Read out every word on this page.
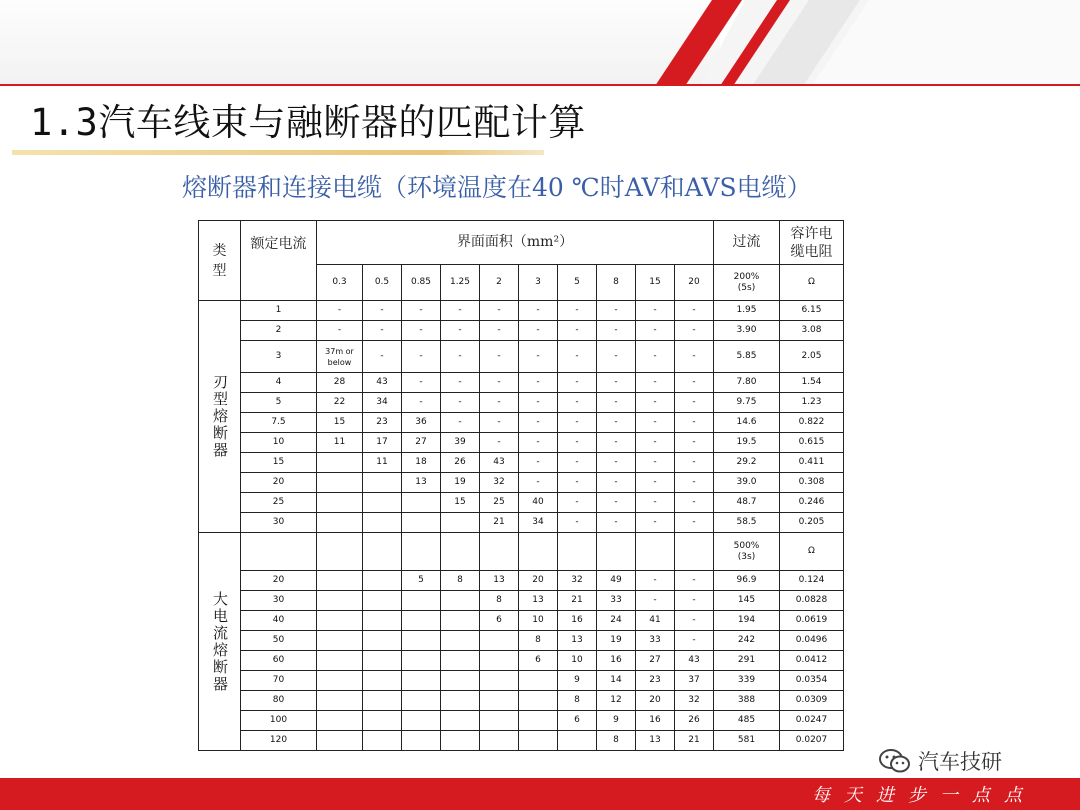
1.3汽车线束与融断器的匹配计算
熔断器和连接电缆（环境温度在40 ℃时AV和AVS电缆）
类型	额定电流	界面面积（mm²）										过流	容许电缆电阻
		0.3	0.5	0.85	1.25	2	3	5	8	15	20	200% (5s)	Ω
刃型熔断器	1	-	-	-	-	-	-	-	-	-	-	1.95	6.15
	2	-	-	-	-	-	-	-	-	-	-	3.90	3.08
	3	37m or below	-	-	-	-	-	-	-	-	-	5.85	2.05
	4	28	43	-	-	-	-	-	-	-	-	7.80	1.54
	5	22	34	-	-	-	-	-	-	-	-	9.75	1.23
	7.5	15	23	36	-	-	-	-	-	-	-	14.6	0.822
	10	11	17	27	39	-	-	-	-	-	-	19.5	0.615
	15		11	18	26	43	-	-	-	-	-	29.2	0.411
	20			13	19	32	-	-	-	-	-	39.0	0.308
	25				15	25	40	-	-	-	-	48.7	0.246
	30					21	34	-	-	-	-	58.5	0.205
大电流熔断器												500% (3s)	Ω
	20			5	8	13	20	32	49	-	-	96.9	0.124
	30					8	13	21	33	-	-	145	0.0828
	40					6	10	16	24	41	-	194	0.0619
	50						8	13	19	33	-	242	0.0496
	60						6	10	16	27	43	291	0.0412
	70							9	14	23	37	339	0.0354
	80							8	12	20	32	388	0.0309
	100							6	9	16	26	485	0.0247
	120								8	13	21	581	0.0207
汽车技研
每天进步一点点
